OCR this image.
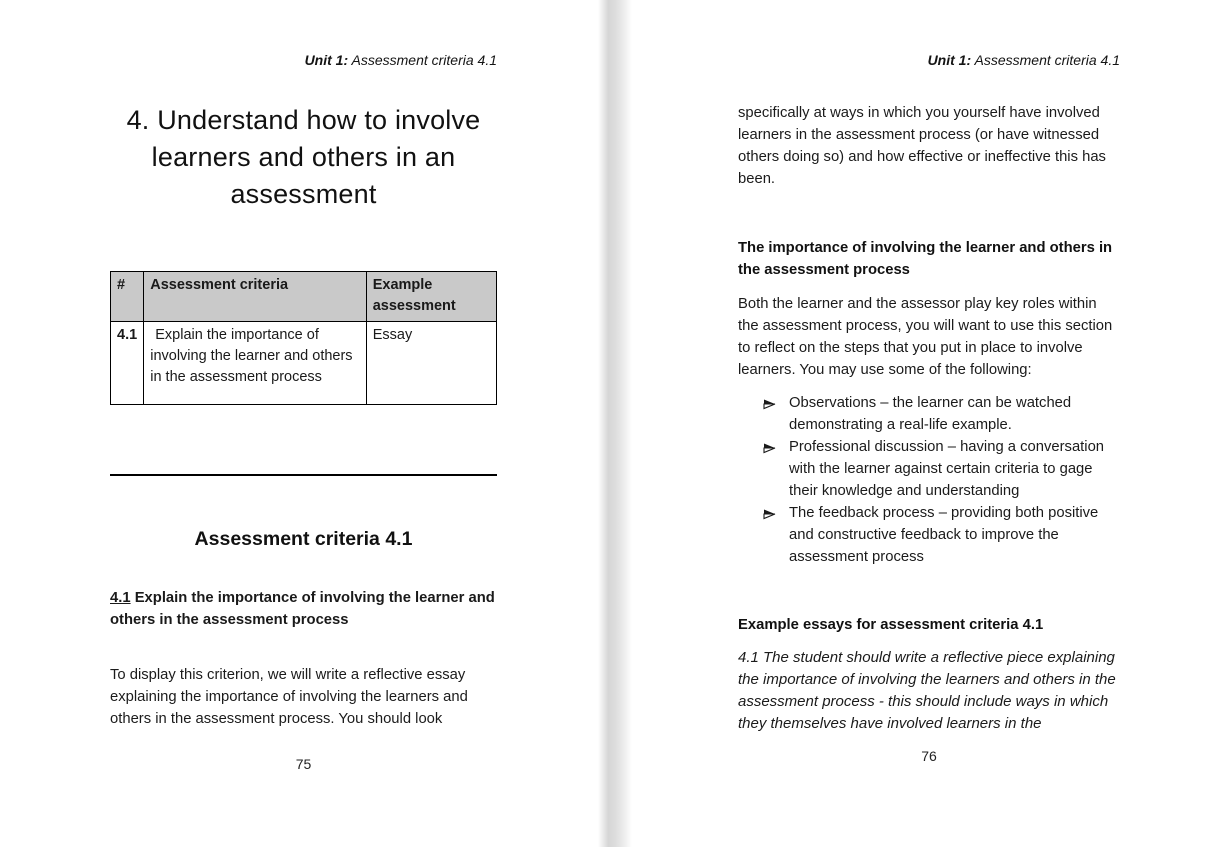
Unit 1: Assessment criteria 4.1
4. Understand how to involve learners and others in an assessment
#	Assessment criteria	Example assessment
4.1	Explain the importance of involving the learner and others in the assessment process	Essay
Assessment criteria 4.1
4.1 Explain the importance of involving the learner and others in the assessment process

To display this criterion, we will write a reflective essay explaining the importance of involving the learners and others in the assessment process. You should look

75
Unit 1: Assessment criteria 4.1

specifically at ways in which you yourself have involved learners in the assessment process (or have witnessed others doing so) and how effective or ineffective this has been.

The importance of involving the learner and others in the assessment process

Both the learner and the assessor play key roles within the assessment process, you will want to use this section to reflect on the steps that you put in place to involve learners. You may use some of the following:

Observations – the learner can be watched demonstrating a real-life example.
Professional discussion – having a conversation with the learner against certain criteria to gage their knowledge and understanding
The feedback process – providing both positive and constructive feedback to improve the assessment process
Example essays for assessment criteria 4.1

4.1 The student should write a reflective piece explaining the importance of involving the learners and others in the assessment process - this should include ways in which they themselves have involved learners in the

76
